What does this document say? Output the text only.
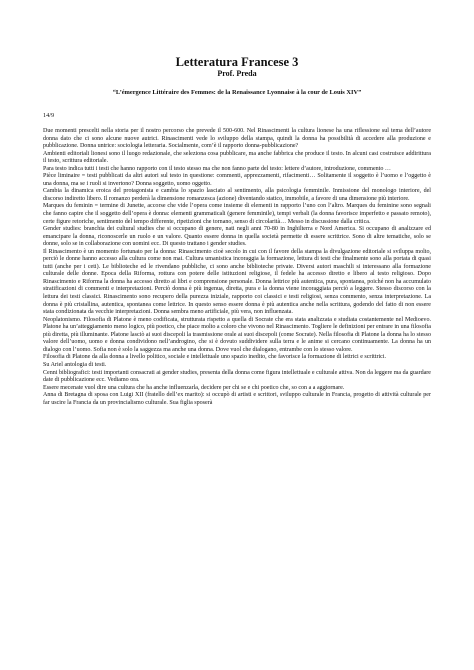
Letteratura Francese 3
Prof. Preda
“L’émergence Littéraire des Femmes: de la Renaissance Lyonnaise à la cour de Louis XIV”
14/9

Due momenti prescelti nella storia per il nostro percorso che prevede il 500-600. Nel Rinascimenti la cultura lionese ha una riflessione sul tema dell’autore donna dato che ci sono alcune nuove autrici. Rinascimenti vede lo sviluppo della stampa, quindi la donna ha possibilità di accedere alla produzione e pubblicazione. Donna untrice: sociologia letteraria. Socialmente, com’è il rapporto donna-pubblicazione?

Ambienti editoriali lionesi sono il luogo redazionale, che seleziona cosa pubblicare, ma anche fabbrica che produce il testo. In alcuni casi costruisce addirittura il testo, scrittura editoriale.

Para testo indica tutti i testi che hanno rapporto con il testo stesso ma che non fanno parte del testo: lettere d’autore, introduzione, commento …

Pièce liminaire = testi pubblicati da altri autori sul testo in questione: commenti, apprezzamenti, rifacimenti… Solitamente il soggetto è l’uomo e l’oggetto è una donna, ma se i ruoli si invertono? Donna soggetto, uomo oggetto.

Cambia la dinamica eroica del protagonista e cambia lo spazio lasciato al sentimento, alla psicologia femminile. Inmissione del monologo interiore, del discorso indiretto libero. Il romanzo perderà la dimensione romanzesca (azione) diventando statico, immobile, a favore di una dimensione più interiore.

Marques du feminin = termine di Junette, accorse che vide l’opera come insieme di elementi in rapporto l’uno con l’altro. Marques du feminine sono segnali che fanno capire che il soggetto dell’opera è donna: elementi grammaticali (genere femminile), tempi verbali (la donna favorisce imperfetto e passato remoto), certe figure retoriche, sentimento del tempo differente, ripetizioni che tornano, senso di circolarità… Messo in discussione dalla critica.

Gender studies: branchia dei cultural studies che si occupano di genere, nati negli anni 70-80 in Inghilterra e Nord America. Si occupano di analizzare ed emancipare la donna, riconoscerle un ruolo e un valore. Quanto essere donna in quella società permette di essere scrittrice. Sono di altre tematiche, solo se donne, solo se in collaborazione con uomini ecc. Di questo trattano i gender studies.

Il Rinascimento è un momento fortunato per la donna: Rinascimento cioè secolo in cui con il favore della stampa la divulgazione editoriale si sviluppa molto, perciò le donne hanno accesso alla cultura come non mai. Cultura umanistica incoraggia la formazione, lettura di testi che finalmente sono alla portata di quasi tutti (anche per i ceti). Le biblioteche ed le rivendano pubbliche, ci sono anche biblioteche private. Diversi autori maschili si interessano alla formazione culturale delle donne. Epoca della Riforma, rottura con potere delle istituzioni religiose, il fedele ha accesso diretto e libero al testo religioso. Dopo Rinascimento e Riforma la donna ha accesso diretto ai libri e comprensione personale. Donna lettrice più autentica, pura, spontanea, poiché non ha accumulato stratificazioni di commenti e interpretazioni. Perciò donna è più ingenua, diretta, pura e la donna viene incoraggiata perciò a leggere. Stesso discorso con la lettura dei testi classici. Rinascimento sono recupero della purezza iniziale, rapporto coi classici e testi religiosi, senza commento, senza interpretazione. La donna è più cristallina, autentica, spontanea come lettrice. In questo senso essere donna è più autentica anche nella scrittura, godendo del fatto di non essere stata condizionata da vecchie interpretazioni. Donna sembra meno artificiale, più vera, non influenzata.

Neoplatonismo. Filosofia di Platone è meno codificata, strutturata rispetto a quella di Socrate che era stata analizzata e studiata costantemente nel Medioevo. Platone ha un’atteggiamento meno logico, più poetico, che piace molto a coloro che vivono nel Rinascimento. Togliere le definizioni per entrare in una filosofia più diretta, più illuminante. Platone lasciò ai suoi discepoli la trasmissione orale ai suoi discepoli (come Socrate). Nella filosofia di Platone la donna ha lo stesso valore dell’uomo, uomo e donna condividono nell’androgino, che si è dovuto suddividere sulla terra e le anime si cercano continuamente. La donna ha un dialogo con l’uomo. Sofia non è solo la saggezza ma anche una donna. Dove vuol che dialogano, entrambe con lo stesso valore.

Filosofia di Platone da alla donna a livello politico, sociale e intellettuale uno spazio inedito, che favorisce la formazione di lettrici e scrittrici.

Su Ariel antologia di testi.

Cenni bibliografici: testi importanti consacrati ai gender studies, presenta della donna come figura intellettuale e culturale attiva. Non da leggere ma da guardare date di pubblicazione ecc. Vediamo ora.

Essere mecenate vuol dire una cultura che ha anche influenzarla, decidere per chi se e chi poetico che, so con a a aggiornare.

Anna di Bretagna di sposa con Luigi XII (fratello dell’ex marito): si occupò di artisti e scrittori, sviluppo culturale in Francia, progetto di attività culturale per far uscire la Francia da un provincialismo culturale. Sua figlia sposerà
